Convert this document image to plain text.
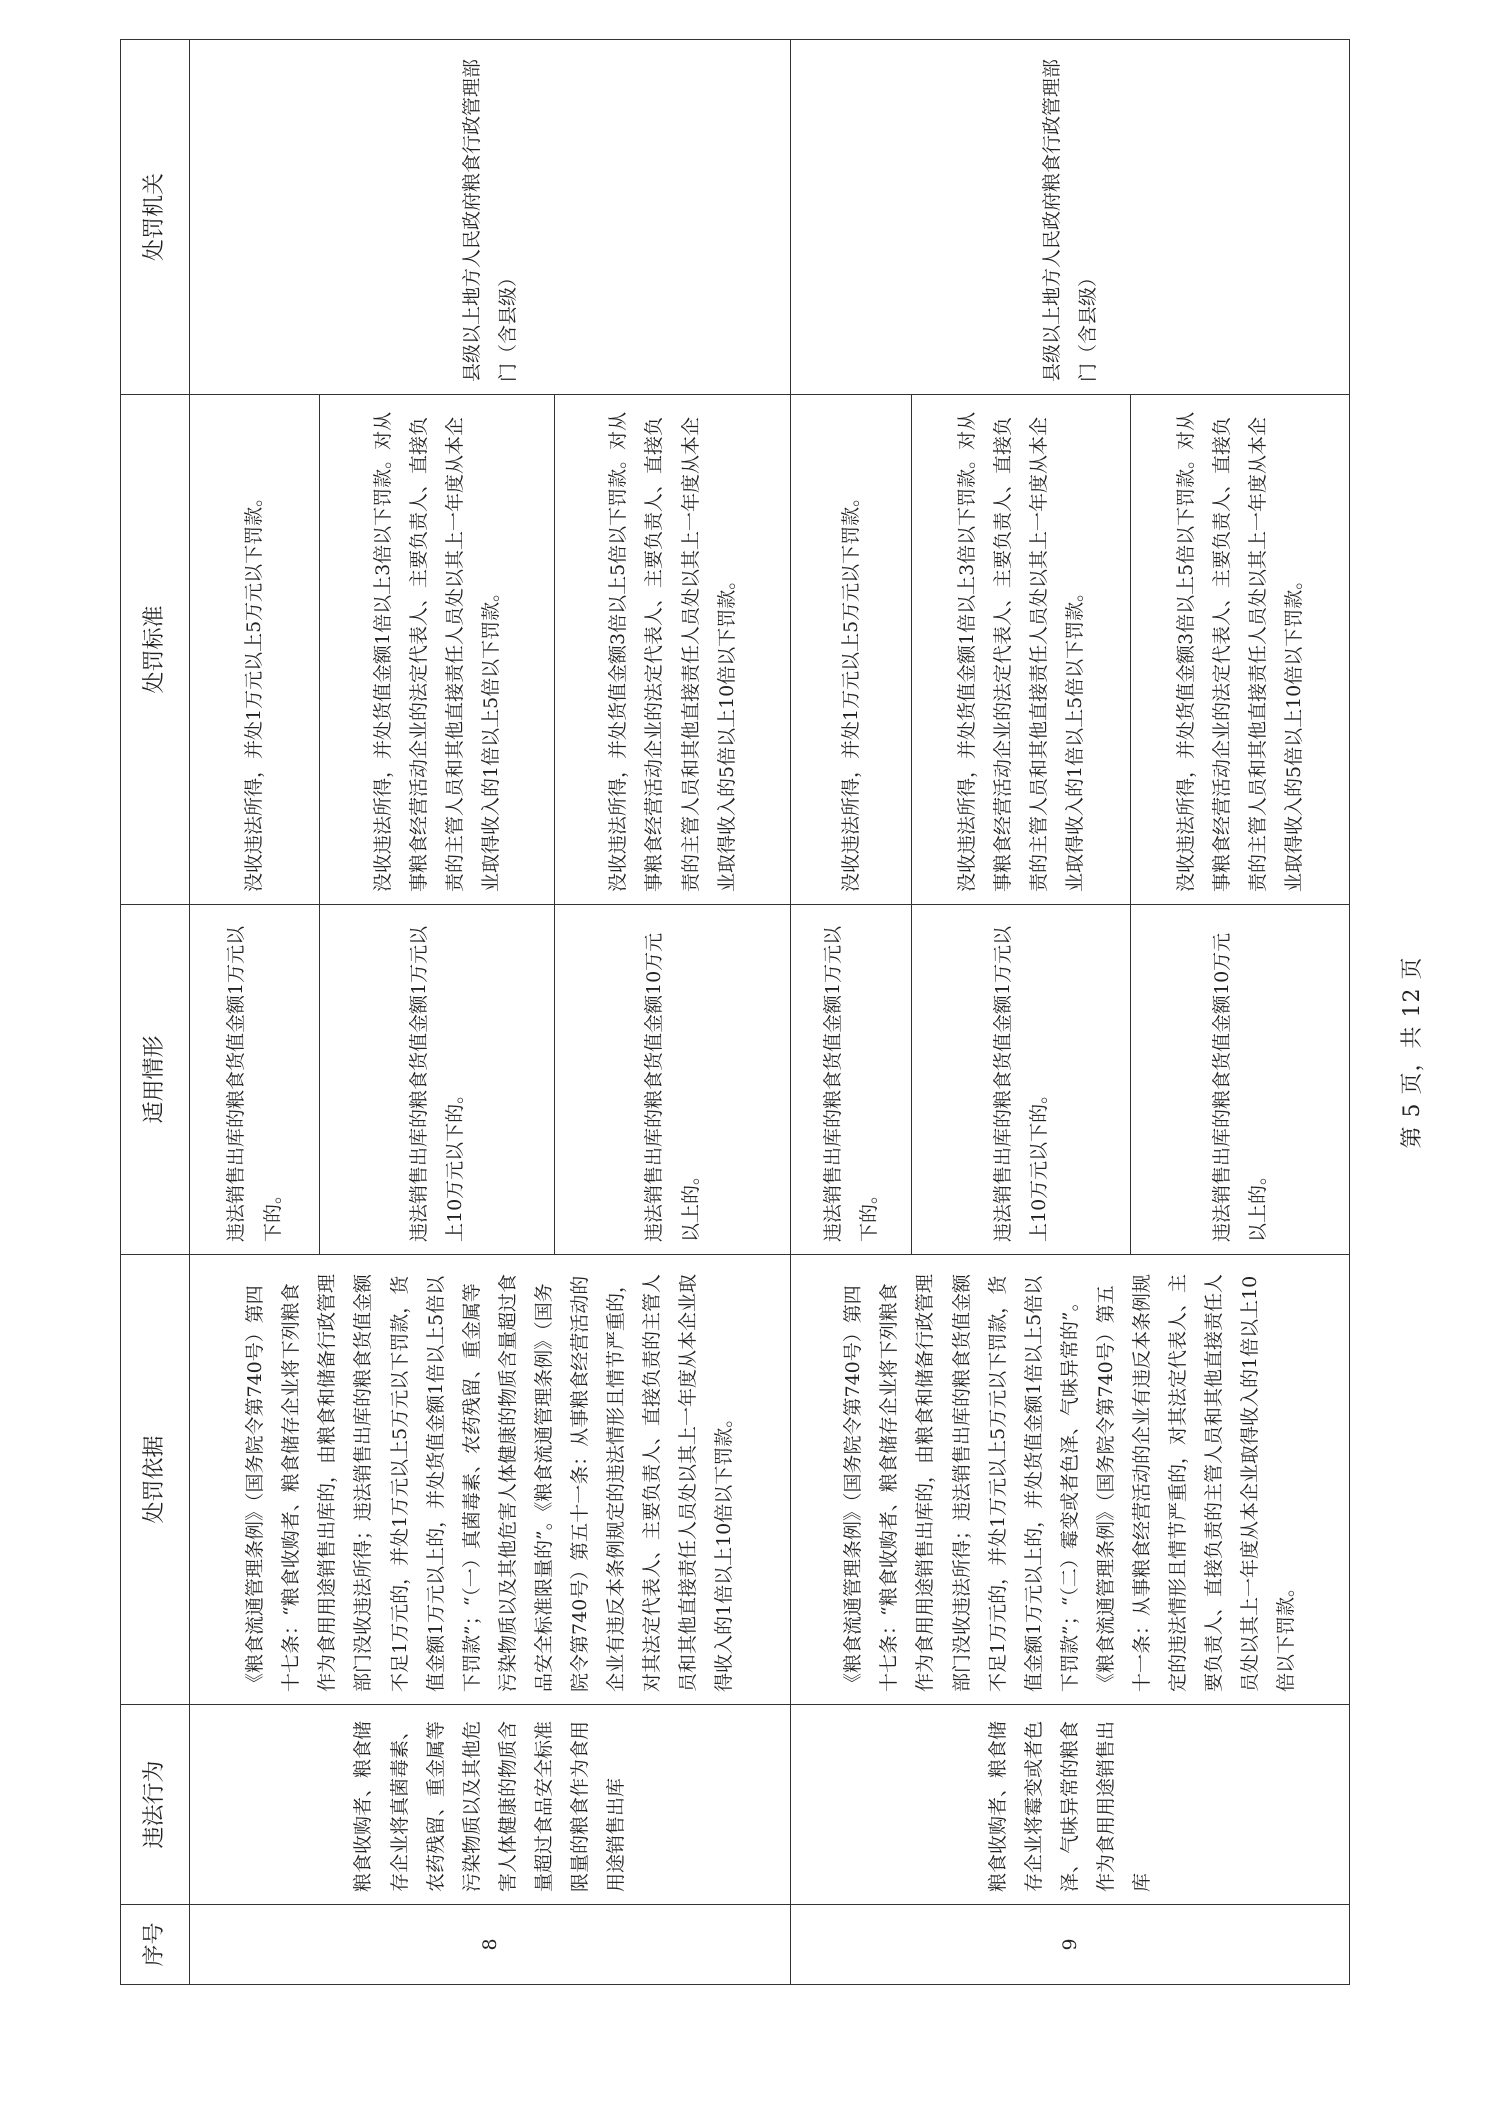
序号	违法行为	处罚依据	适用情形	处罚标准	处罚机关
8	粮食收购者、粮食储存企业将真菌毒素、农药残留、重金属等污染物质以及其他危害人体健康的物质含量超过食品安全标准限量的粮食作为食用用途销售出库	《粮食流通管理条例》（国务院令第740号）第四十七条：“粮食收购者、粮食储存企业将下列粮食作为食用用途销售出库的，由粮食和储备行政管理部门没收违法所得；违法销售出库的粮食货值金额不足1万元的，并处1万元以上5万元以下罚款，货值金额1万元以上的，并处货值金额1倍以上5倍以下罚款”；“（一）真菌毒素、农药残留、重金属等污染物质以及其他危害人体健康的物质含量超过食品安全标准限量的”。《粮食流通管理条例》（国务院令第740号）第五十一条：从事粮食经营活动的企业有违反本条例规定的违法情形且情节严重的，对其法定代表人、主要负责人、直接负责的主管人员和其他直接责任人员处以其上一年度从本企业取得收入的1倍以上10倍以下罚款。	违法销售出库的粮食货值金额1万元以下的。	没收违法所得，并处1万元以上5万元以下罚款。	县级以上地方人民政府粮食行政管理部门（含县级）
			违法销售出库的粮食货值金额1万元以上10万元以下的。	没收违法所得，并处货值金额1倍以上3倍以下罚款。对从事粮食经营活动企业的法定代表人、主要负责人、直接负责的主管人员和其他直接责任人员处以其上一年度从本企业取得收入的1倍以上5倍以下罚款。	
			违法销售出库的粮食货值金额10万元以上的。	没收违法所得，并处货值金额3倍以上5倍以下罚款。对从事粮食经营活动企业的法定代表人、主要负责人、直接负责的主管人员和其他直接责任人员处以其上一年度从本企业取得收入的5倍以上10倍以下罚款。	
9	粮食收购者、粮食储存企业将霉变或者色泽、气味异常的粮食作为食用用途销售出库	《粮食流通管理条例》（国务院令第740号）第四十七条：“粮食收购者、粮食储存企业将下列粮食作为食用用途销售出库的，由粮食和储备行政管理部门没收违法所得；违法销售出库的粮食货值金额不足1万元的，并处1万元以上5万元以下罚款，货值金额1万元以上的，并处货值金额1倍以上5倍以下罚款”；“（二）霉变或者色泽、气味异常的”。《粮食流通管理条例》（国务院令第740号）第五十一条：从事粮食经营活动的企业有违反本条例规定的违法情形且情节严重的，对其法定代表人、主要负责人、直接负责的主管人员和其他直接责任人员处以其上一年度从本企业取得收入的1倍以上10倍以下罚款。	违法销售出库的粮食货值金额1万元以下的。	没收违法所得，并处1万元以上5万元以下罚款。	县级以上地方人民政府粮食行政管理部门（含县级）
			违法销售出库的粮食货值金额1万元以上10万元以下的。	没收违法所得，并处货值金额1倍以上3倍以下罚款。对从事粮食经营活动企业的法定代表人、主要负责人、直接负责的主管人员和其他直接责任人员处以其上一年度从本企业取得收入的1倍以上5倍以下罚款。	
			违法销售出库的粮食货值金额10万元以上的。	没收违法所得，并处货值金额3倍以上5倍以下罚款。对从事粮食经营活动企业的法定代表人、主要负责人、直接负责的主管人员和其他直接责任人员处以其上一年度从本企业取得收入的5倍以上10倍以下罚款。	
第 5 页，共 12 页
